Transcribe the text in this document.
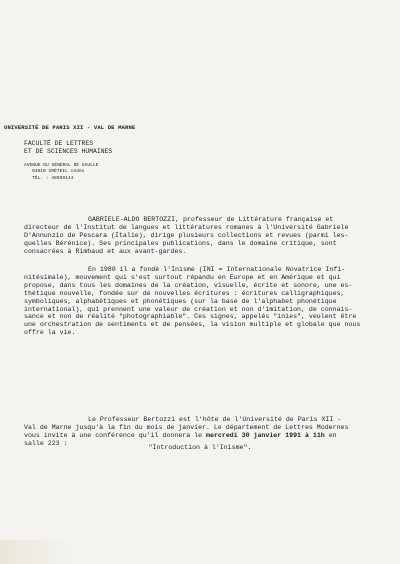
UNIVERSITÉ DE PARIS XII - VAL DE MARNE
FACULTÉ DE LETTRES
ET DE SCIENCES HUMAINES
AVENUE DU GÉNÉRAL DE GAULLE
94010 CRÉTEIL cedex
TÉL. : 48989144
GABRIELE-ALDO BERTOZZI, professeur de Littérature française et
directeur de l'Institut de langues et littératures romanes à l'Université Gabriele
D'Annunzio de Pescara (Italie), dirige plusieurs collections et revues (parmi les-
quelles Bérénice). Ses principales publications, dans le domaine critique, sont
consacrées à Rimbaud et aux avant-gardes.
En 1980 il a fondé l'Inisme (INI = Internationale Novatrice Infi-
nitésimale), mouvement qui s'est surtout répandu en Europe et en Amérique et qui
propose, dans tous les domaines de la création, visuelle, écrite et sonore, une es-
thétique nouvelle, fondée sur de nouvelles écritures : écritures calligraphiques,
symboliques, alphabétiques et phonétiques (sur la base de l'alphabet phonétique
international), qui prennent une valeur de création et non d'imitation, de connais-
sance et non de réalité "photographiable". Ces signes, appelés "inies", veulent être
une orchestration de sentiments et de pensées, la vision multiple et globale que nous
offre la vie.
Le Professeur Bertozzi est l'hôte de l'Université de Paris XII -
Val de Marne jusqu'à la fin du mois de janvier. Le département de Lettres Modernes
vous invite à une conférence qu'il donnera le mercredi 30 janvier 1991 à 11h en
salle 223 :
"Introduction à l'Inisme".
